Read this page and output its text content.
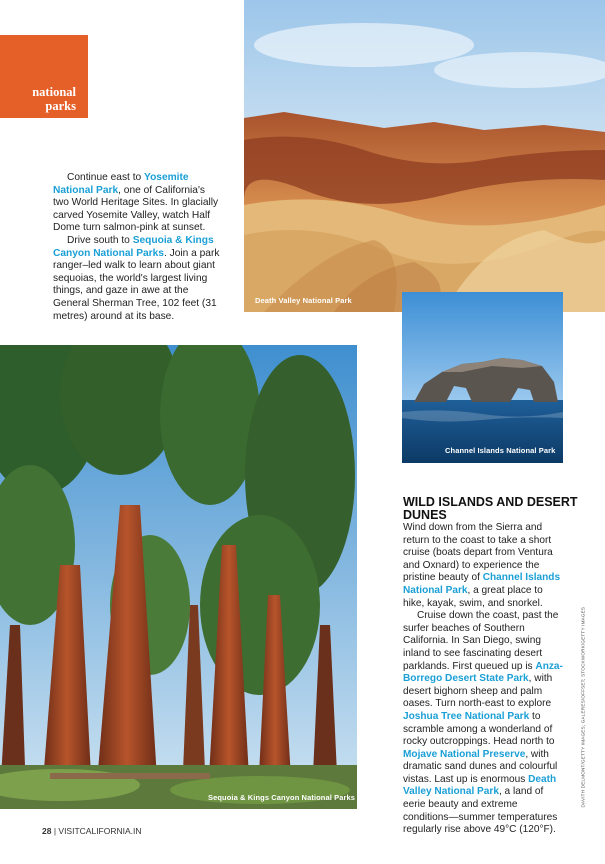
national
parks

Continue east to Yosemite National Park, one of California's two World Heritage Sites. In glacially carved Yosemite Valley, watch Half Dome turn salmon-pink at sunset.

Drive south to Sequoia & Kings Canyon National Parks. Join a park ranger–led walk to learn about giant sequoias, the world's largest living things, and gaze in awe at the General Sherman Tree, 102 feet (31 metres) around at its base.

Death Valley National Park
Channel Islands National Park
Sequoia & Kings Canyon National Parks
WILD ISLANDS AND DESERT DUNES

Wind down from the Sierra and return to the coast to take a short cruise (boats depart from Ventura and Oxnard) to experience the pristine beauty of Channel Islands National Park, a great place to hike, kayak, swim, and snorkel.

Cruise down the coast, past the surfer beaches of Southern California. In San Diego, swing inland to see fascinating desert parklands. First queued up is Anza-Borrego Desert State Park, with desert bighorn sheep and palm oases. Turn north-east to explore Joshua Tree National Park to scramble among a wonderland of rocky outcroppings. Head north to Mojave National Preserve, with dramatic sand dunes and colourful vistas. Last up is enormous Death Valley National Park, a land of eerie beauty and extreme conditions—summer temperatures regularly rise above 49°C (120°F).

DAVITH DELMONT/GETTY IMAGES; GALERES/OFFSET; STOCKWORK/GETTY IMAGES
28 | VISITCALIFORNIA.IN
